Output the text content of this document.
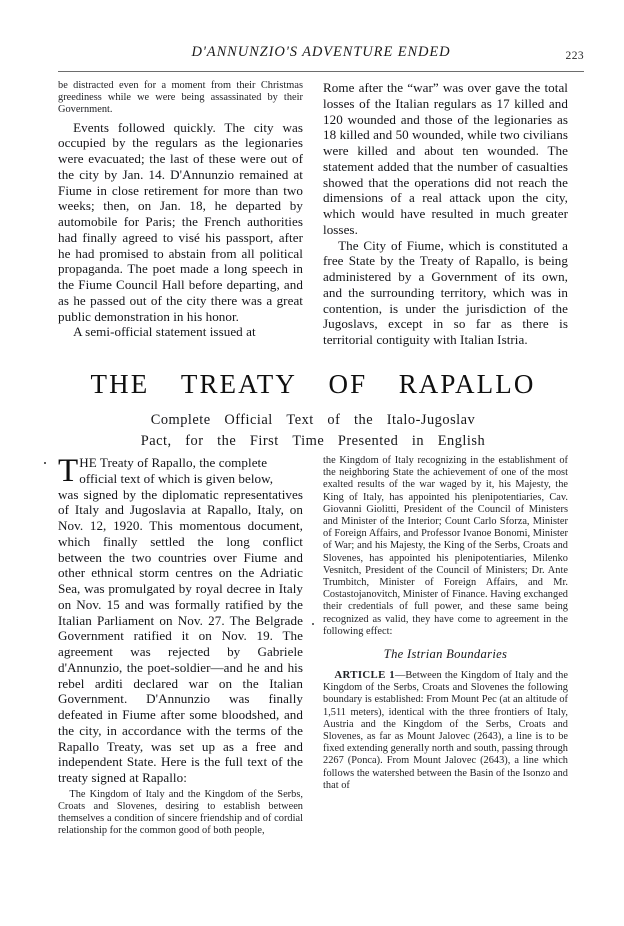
D'ANNUNZIO'S ADVENTURE ENDED	223

be distracted even for a moment from their Christmas greediness while we were being assassinated by their Government.

Events followed quickly. The city was occupied by the regulars as the legionaries were evacuated; the last of these were out of the city by Jan. 14. D'Annunzio remained at Fiume in close retirement for more than two weeks; then, on Jan. 18, he departed by automobile for Paris; the French authorities had finally agreed to visé his passport, after he had promised to abstain from all political propaganda. The poet made a long speech in the Fiume Council Hall before departing, and as he passed out of the city there was a great public demonstration in his honor.

A semi-official statement issued at

Rome after the “war” was over gave the total losses of the Italian regulars as 17 killed and 120 wounded and those of the legionaries as 18 killed and 50 wounded, while two civilians were killed and about ten wounded. The statement added that the number of casualties showed that the operations did not reach the dimensions of a real attack upon the city, which would have resulted in much greater losses.

The City of Fiume, which is constituted a free State by the Treaty of Rapallo, is being administered by a Government of its own, and the surrounding territory, which was in contention, is under the jurisdiction of the Jugoslavs, except in so far as there is territorial contiguity with Italian Istria.

THE TREATY OF RAPALLO
Complete Official Text of the Italo-Jugoslav
Pact, for the First Time Presented in English

THE Treaty of Rapallo, the complete
official text of which is given below,
was signed by the diplomatic representatives of Italy and Jugoslavia at Rapallo, Italy, on Nov. 12, 1920. This momentous document, which finally settled the long conflict between the two countries over Fiume and other ethnical storm centres on the Adriatic Sea, was promulgated by royal decree in Italy on Nov. 15 and was formally ratified by the Italian Parliament on Nov. 27. The Belgrade Government ratified it on Nov. 19. The agreement was rejected by Gabriele d'Annunzio, the poet-soldier—and he and his rebel arditi declared war on the Italian Government. D'Annunzio was finally defeated in Fiume after some bloodshed, and the city, in accordance with the terms of the Rapallo Treaty, was set up as a free and independent State. Here is the full text of the treaty signed at Rapallo:

The Kingdom of Italy and the Kingdom of the Serbs, Croats and Slovenes, desiring to establish between themselves a condition of sincere friendship and of cordial relationship for the common good of both people,

the Kingdom of Italy recognizing in the establishment of the neighboring State the achievement of one of the most exalted results of the war waged by it, his Majesty, the King of Italy, has appointed his plenipotentiaries, Cav. Giovanni Giolitti, President of the Council of Ministers and Minister of the Interior; Count Carlo Sforza, Minister of Foreign Affairs, and Professor Ivanoe Bonomi, Minister of War; and his Majesty, the King of the Serbs, Croats and Slovenes, has appointed his plenipotentiaries, Milenko Vesnitch, President of the Council of Ministers; Dr. Ante Trumbitch, Minister of Foreign Affairs, and Mr. Costastojanovitch, Minister of Finance. Having exchanged their credentials of full power, and these same being recognized as valid, they have come to agreement in the following effect:

The Istrian Boundaries

ARTICLE 1—Between the Kingdom of Italy and the Kingdom of the Serbs, Croats and Slovenes the following boundary is established: From Mount Pec (at an altitude of 1,511 meters), identical with the three frontiers of Italy, Austria and the Kingdom of the Serbs, Croats and Slovenes, as far as Mount Jalovec (2643), a line is to be fixed extending generally north and south, passing through 2267 (Ponca). From Mount Jalovec (2643), a line which follows the watershed between the Basin of the Isonzo and that of
